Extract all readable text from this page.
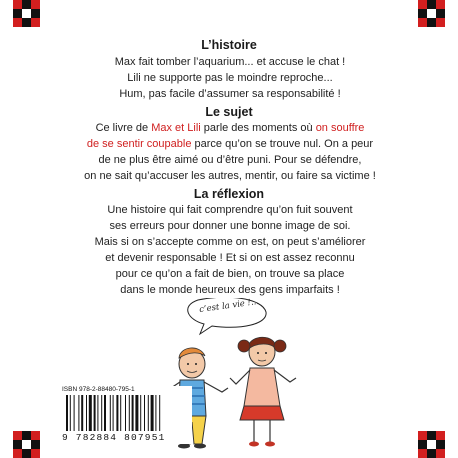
L’histoire
Max fait tomber l’aquarium... et accuse le chat !
Lili ne supporte pas le moindre reproche...
Hum, pas facile d’assumer sa responsabilité !
Le sujet
Ce livre de Max et Lili parle des moments où on souffre
de se sentir coupable parce qu’on se trouve nul. On a peur
de ne plus être aimé ou d’être puni. Pour se défendre,
on ne sait qu’accuser les autres, mentir, ou faire sa victime !
La réflexion
Une histoire qui fait comprendre qu’on fuit souvent
ses erreurs pour donner une bonne image de soi.
Mais si on s’accepte comme on est, on peut s’améliorer
et devenir responsable ! Et si on est assez reconnu
pour ce qu’on a fait de bien, on trouve sa place
dans le monde heureux des gens imparfaits !
c’est la vie !...
ISBN 978-2-88480-795-1
9 782884 807951
